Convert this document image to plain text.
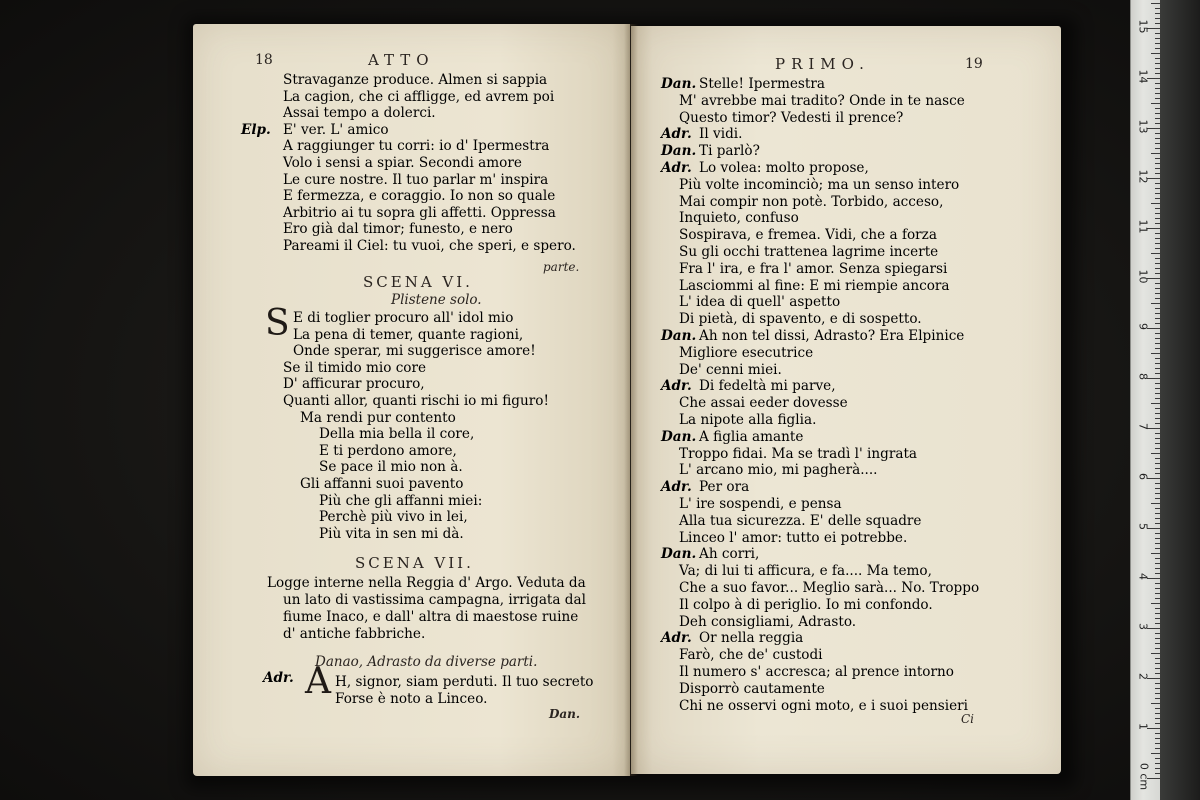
18	ATTO
Stravaganze produce. Almen si sappia
La cagion, che ci affligge, ed avrem poi
Assai tempo a dolerci.
Elp. E' ver. L' amico
A raggiunger tu corri: io d' Ipermestra
Volo i sensi a spiar. Secondi amore
Le cure nostre. Il tuo parlar m' inspira
E fermezza, e coraggio. Io non so quale
Arbitrio ai tu sopra gli affetti. Oppressa
Ero già dal timor; funesto, e nero
Pareami il Ciel: tu vuoi, che speri, e spero.
parte.
SCENA VI.
Plistene solo.
S E di toglier procuro all' idol mio
La pena di temer, quante ragioni,
Onde sperar, mi suggerisce amore!
Se il timido mio core
D' afficurar procuro,
Quanti allor, quanti rischi io mi figuro!
Ma rendi pur contento
Della mia bella il core,
E ti perdono amore,
Se pace il mio non à.
Gli affanni suoi pavento
Più che gli affanni miei:
Perchè più vivo in lei,
Più vita in sen mi dà.
SCENA VII.
Logge interne nella Reggia d' Argo. Veduta da
un lato di vastissima campagna, irrigata dal
fiume Inaco, e dall' altra di maestose ruine
d' antiche fabbriche.
Danao, Adrasto da diverse parti.
Adr. A H, signor, siam perduti. Il tuo secreto
Forse è noto a Linceo.
Dan.
PRIMO.	19
Dan. Stelle! Ipermestra
M' avrebbe mai tradito? Onde in te nasce
Questo timor? Vedesti il prence?
Adr. Il vidi.
Dan. Ti parlò?
Adr. Lo volea: molto propose,
Più volte incominciò; ma un senso intero
Mai compir non potè. Torbido, acceso,
Inquieto, confuso
Sospirava, e fremea. Vidi, che a forza
Su gli occhi trattenea lagrime incerte
Fra l' ira, e fra l' amor. Senza spiegarsi
Lasciommi al fine: E mi riempie ancora
L' idea di quell' aspetto
Di pietà, di spavento, e di sospetto.
Dan. Ah non tel dissi, Adrasto? Era Elpinice
Migliore esecutrice
De' cenni miei.
Adr. Di fedeltà mi parve,
Che assai eeder dovesse
La nipote alla figlia.
Dan. A figlia amante
Troppo fidai. Ma se tradì l' ingrata
L' arcano mio, mi pagherà....
Adr. Per ora
L' ire sospendi, e pensa
Alla tua sicurezza. E' delle squadre
Linceo l' amor: tutto ei potrebbe.
Dan. Ah corri,
Va; di lui ti afficura, e fa.... Ma temo,
Che a suo favor... Meglio sarà... No. Troppo
Il colpo à di periglio. Io mi confondo.
Deh consigliami, Adrasto.
Adr. Or nella reggia
Farò, che de' custodi
Il numero s' accresca; al prence intorno
Disporrò cautamente
Chi ne osservi ogni moto, e i suoi pensieri
Ci
15
14
13
12
11
10
9
8
7
6
5
4
3
2
1
0 cm
